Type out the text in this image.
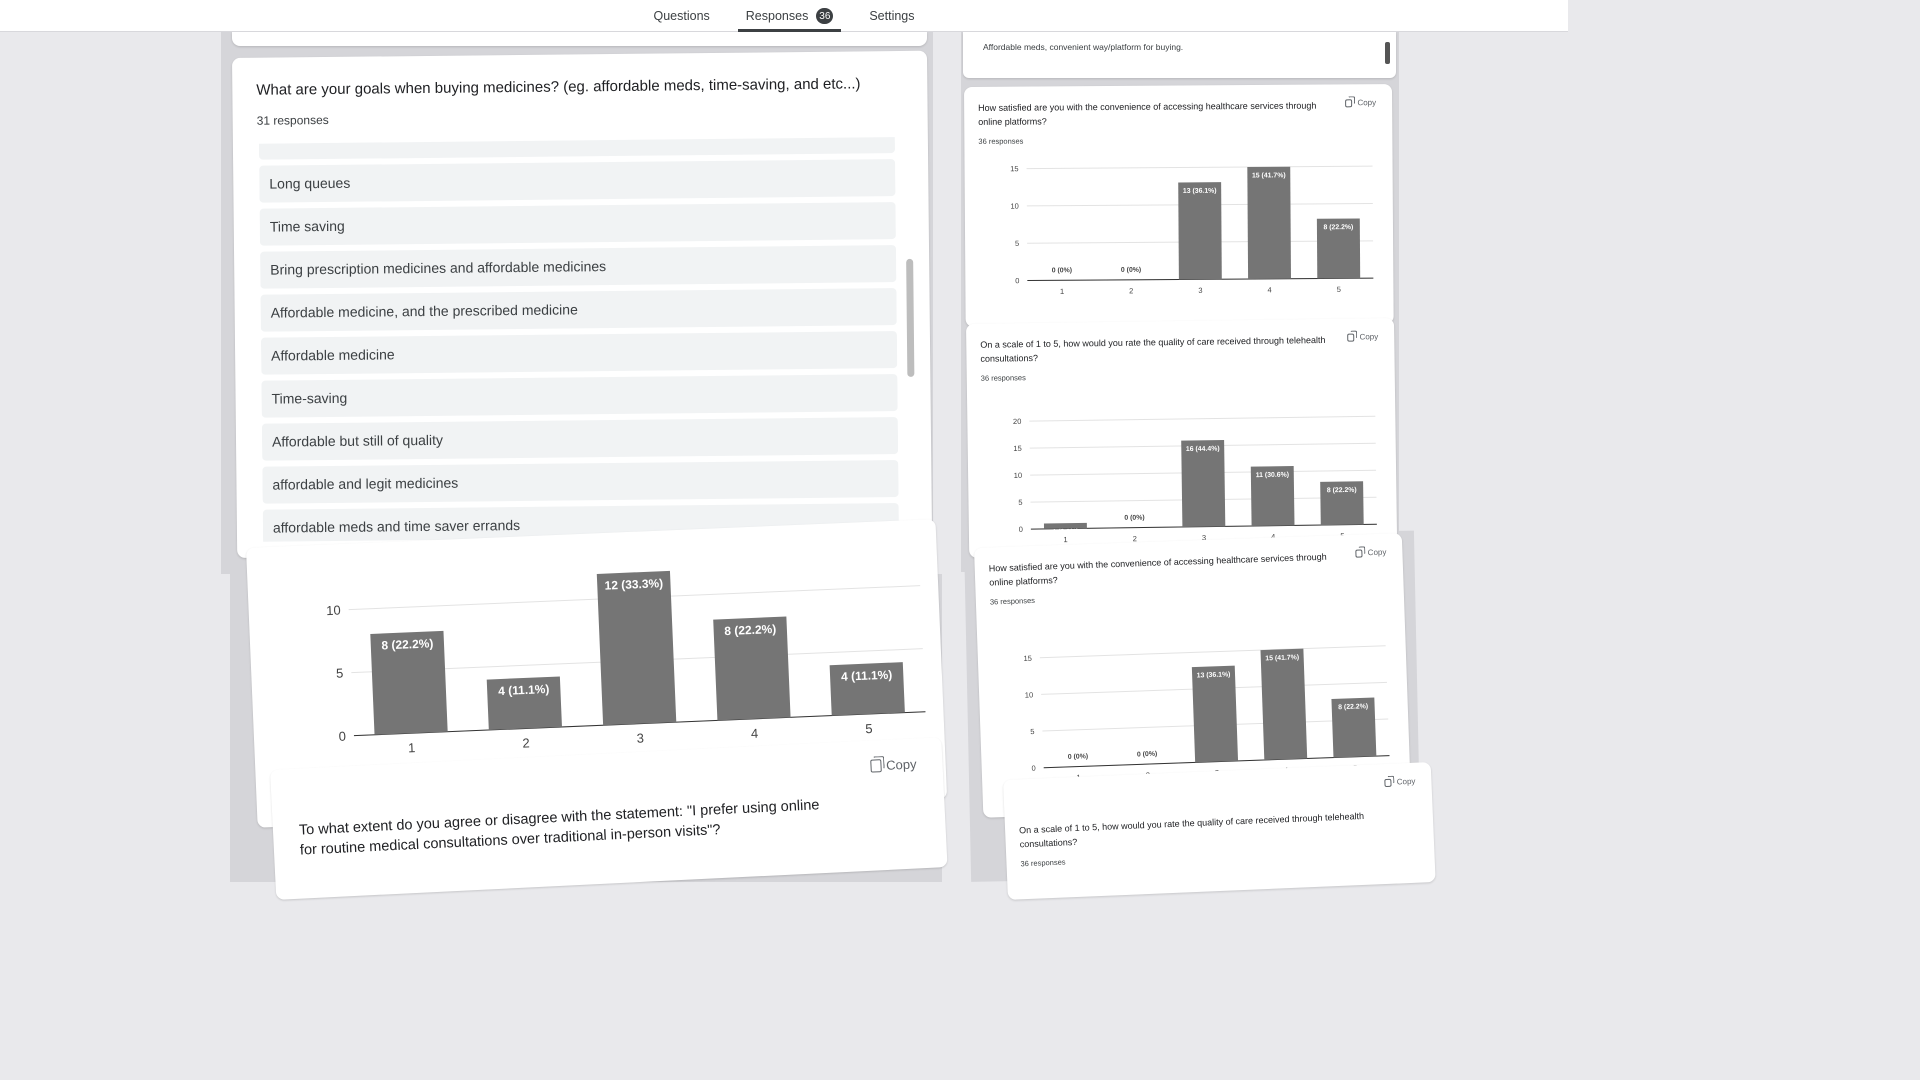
Questions	Responses 36	Settings
What are your goals when buying medicines? (eg. affordable meds, time-saving, and etc...)
31 responses
Long queues
Time saving
Bring prescription medicines and affordable medicines
Affordable medicine, and the prescribed medicine
Affordable medicine
Time-saving
Affordable but still of quality
affordable and legit medicines
affordable meds and time saver errands
0
5
10
8 (22.2%)
1
4 (11.1%)
2
12 (33.3%)
3
8 (22.2%)
4
4 (11.1%)
5
Copy
To what extent do you agree or disagree with the statement: "I prefer using online for routine medical consultations over traditional in-person visits"?
Affordable meds, convenient way/platform for buying.
How satisfied are you with the convenience of accessing healthcare services through online platforms?
36 responses
Copy
0
5
10
15
0 (0%)
1
0 (0%)
2
13 (36.1%)
3
15 (41.7%)
4
8 (22.2%)
5
On a scale of 1 to 5, how would you rate the quality of care received through telehealth consultations?
36 responses
Copy
0
5
10
15
20
1 (2.8%)
1
0 (0%)
2
16 (44.4%)
3
11 (30.6%)
8 (22.2%)
How satisfied are you with the convenience of accessing healthcare services through online platforms?
36 responses
Copy
0
5
10
15
0 (0%)	0 (0%)
13 (36.1%)
15 (41.7%)
8 (22.2%)
On a scale of 1 to 5, how would you rate the quality of care received through telehealth consultations?
36 responses
Copy
